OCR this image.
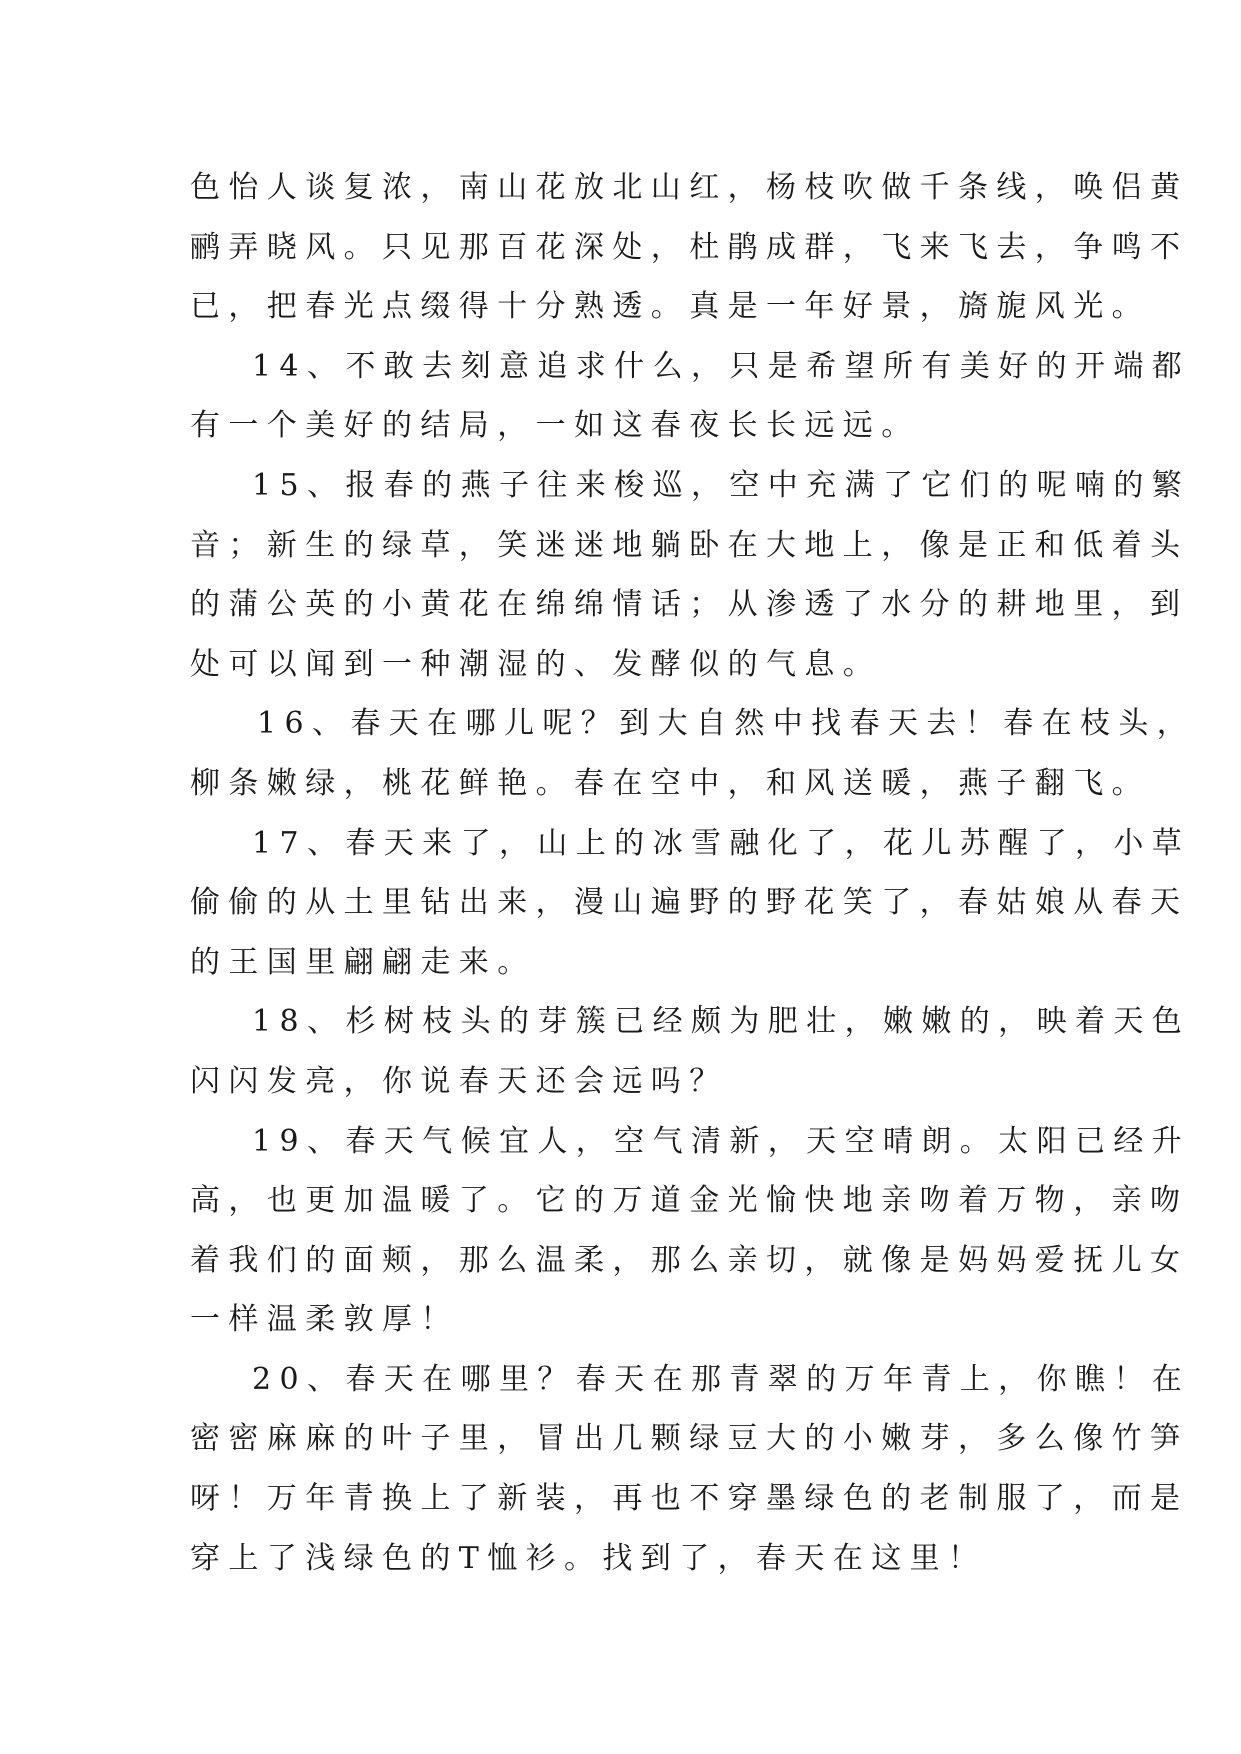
色怡人谈复浓，南山花放北山红，杨枝吹做千条线，唤侣黄
鹂弄晓风。只见那百花深处，杜鹃成群，飞来飞去，争鸣不
已，把春光点缀得十分熟透。真是一年好景，旖旎风光。
14、不敢去刻意追求什么，只是希望所有美好的开端都
有一个美好的结局，一如这春夜长长远远。
15、报春的燕子往来梭巡，空中充满了它们的呢喃的繁
音；新生的绿草，笑迷迷地躺卧在大地上，像是正和低着头
的蒲公英的小黄花在绵绵情话；从渗透了水分的耕地里，到
处可以闻到一种潮湿的、发酵似的气息。
16、春天在哪儿呢？到大自然中找春天去！春在枝头，
柳条嫩绿，桃花鲜艳。春在空中，和风送暖，燕子翻飞。
17、春天来了，山上的冰雪融化了，花儿苏醒了，小草
偷偷的从土里钻出来，漫山遍野的野花笑了，春姑娘从春天
的王国里翩翩走来。
18、杉树枝头的芽簇已经颇为肥壮，嫩嫩的，映着天色
闪闪发亮，你说春天还会远吗？
19、春天气候宜人，空气清新，天空晴朗。太阳已经升
高，也更加温暖了。它的万道金光愉快地亲吻着万物，亲吻
着我们的面颊，那么温柔，那么亲切，就像是妈妈爱抚儿女
一样温柔敦厚！
20、春天在哪里？春天在那青翠的万年青上，你瞧！在
密密麻麻的叶子里，冒出几颗绿豆大的小嫩芽，多么像竹笋
呀！万年青换上了新装，再也不穿墨绿色的老制服了，而是
穿上了浅绿色的T恤衫。找到了，春天在这里！
